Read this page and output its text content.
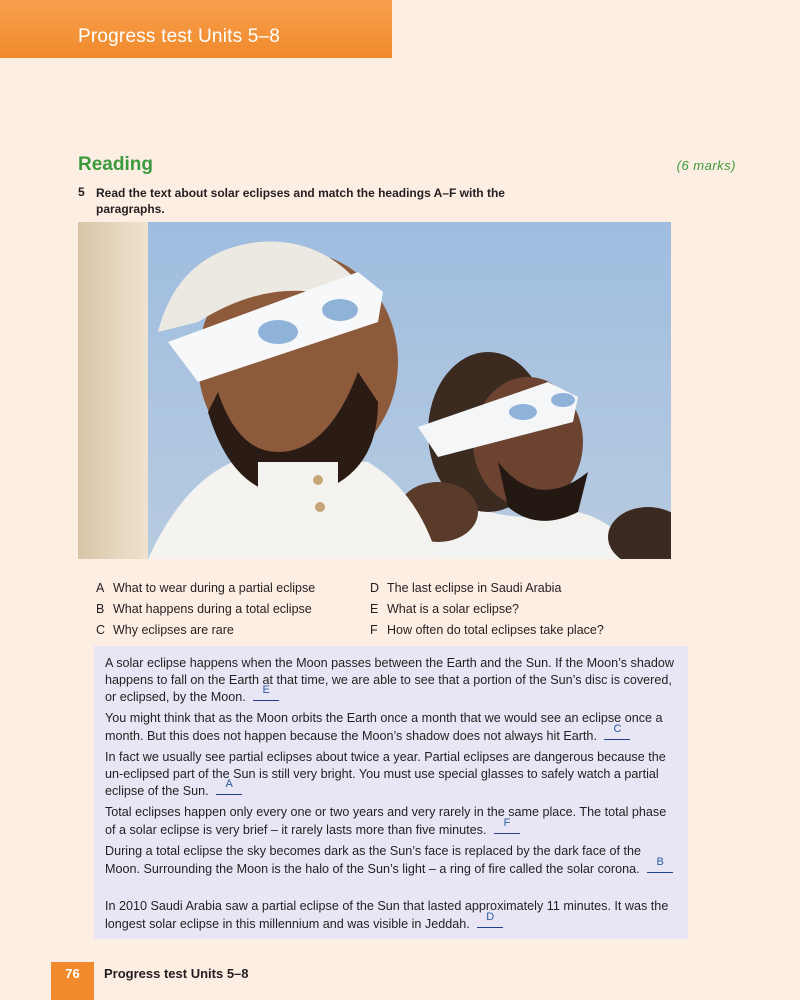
Progress test Units 5–8
Reading	(6 marks)
5 Read the text about solar eclipses and match the headings A–F with the paragraphs.
A What to wear during a partial eclipse
B What happens during a total eclipse
C Why eclipses are rare
D The last eclipse in Saudi Arabia
E What is a solar eclipse?
F How often do total eclipses take place?
A solar eclipse happens when the Moon passes between the Earth and the Sun. If the Moon’s shadow happens to fall on the Earth at that time, we are able to see that a portion of the Sun’s disc is covered, or eclipsed, by the Moon.	E
You might think that as the Moon orbits the Earth once a month that we would see an eclipse once a month. But this does not happen because the Moon’s shadow does not always hit Earth.	C
In fact we usually see partial eclipses about twice a year. Partial eclipses are dangerous because the un-eclipsed part of the Sun is still very bright. You must use special glasses to safely watch a partial eclipse of the Sun.	A
Total eclipses happen only every one or two years and very rarely in the same place. The total phase of a solar eclipse is very brief – it rarely lasts more than five minutes.	F
During a total eclipse the sky becomes dark as the Sun’s face is replaced by the dark face of the Moon. Surrounding the Moon is the halo of the Sun’s light – a ring of fire called the solar corona.	B
In 2010 Saudi Arabia saw a partial eclipse of the Sun that lasted approximately 11 minutes. It was the longest solar eclipse in this millennium and was visible in Jeddah.	D
76	Progress test Units 5–8
